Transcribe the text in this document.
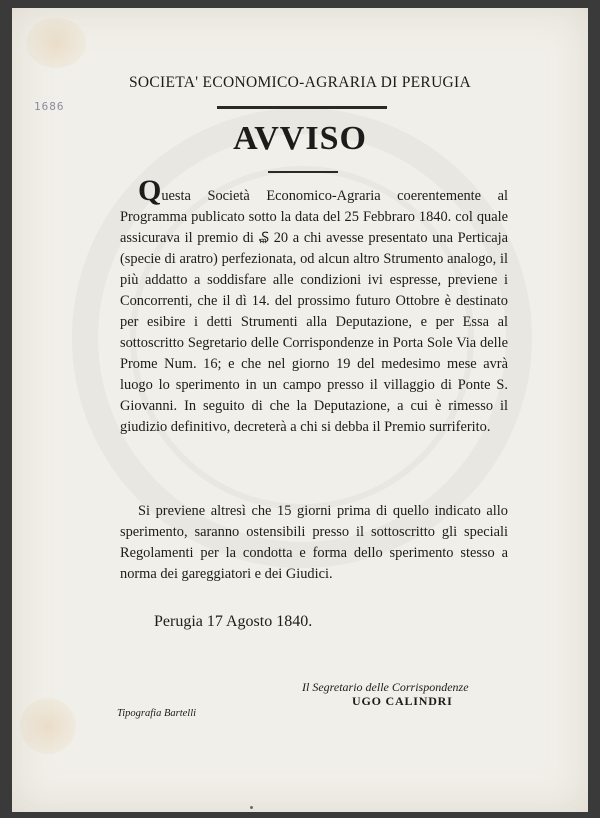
1686
SOCIETA' ECONOMICO-AGRARIA DI PERUGIA
AVVISO

Questa Società Economico-Agraria coerentemente al Programma publicato sotto la data del 25 Febbraro 1840. col quale assicurava il premio di ₷ 20 a chi avesse presentato una Perticaja (specie di aratro) perfezionata, od alcun altro Strumento analogo, il più addatto a soddisfare alle condizioni ivi espresse, previene i Concorrenti, che il dì 14. del prossimo futuro Ottobre è destinato per esibire i detti Strumenti alla Deputazione, e per Essa al sottoscritto Segretario delle Corrispondenze in Porta Sole Via delle Prome Num. 16; e che nel giorno 19 del medesimo mese avrà luogo lo sperimento in un campo presso il villaggio di Ponte S. Giovanni. In seguito di che la Deputazione, a cui è rimesso il giudizio definitivo, decreterà a chi si debba il Premio surriferito.

Si previene altresì che 15 giorni prima di quello indicato allo sperimento, saranno ostensibili presso il sottoscritto gli speciali Regolamenti per la condotta e forma dello sperimento stesso a norma dei gareggiatori e dei Giudici.

Perugia 17 Agosto 1840.
Il Segretario delle Corrispondenze
UGO CALINDRI
Tipografia Bartelli
